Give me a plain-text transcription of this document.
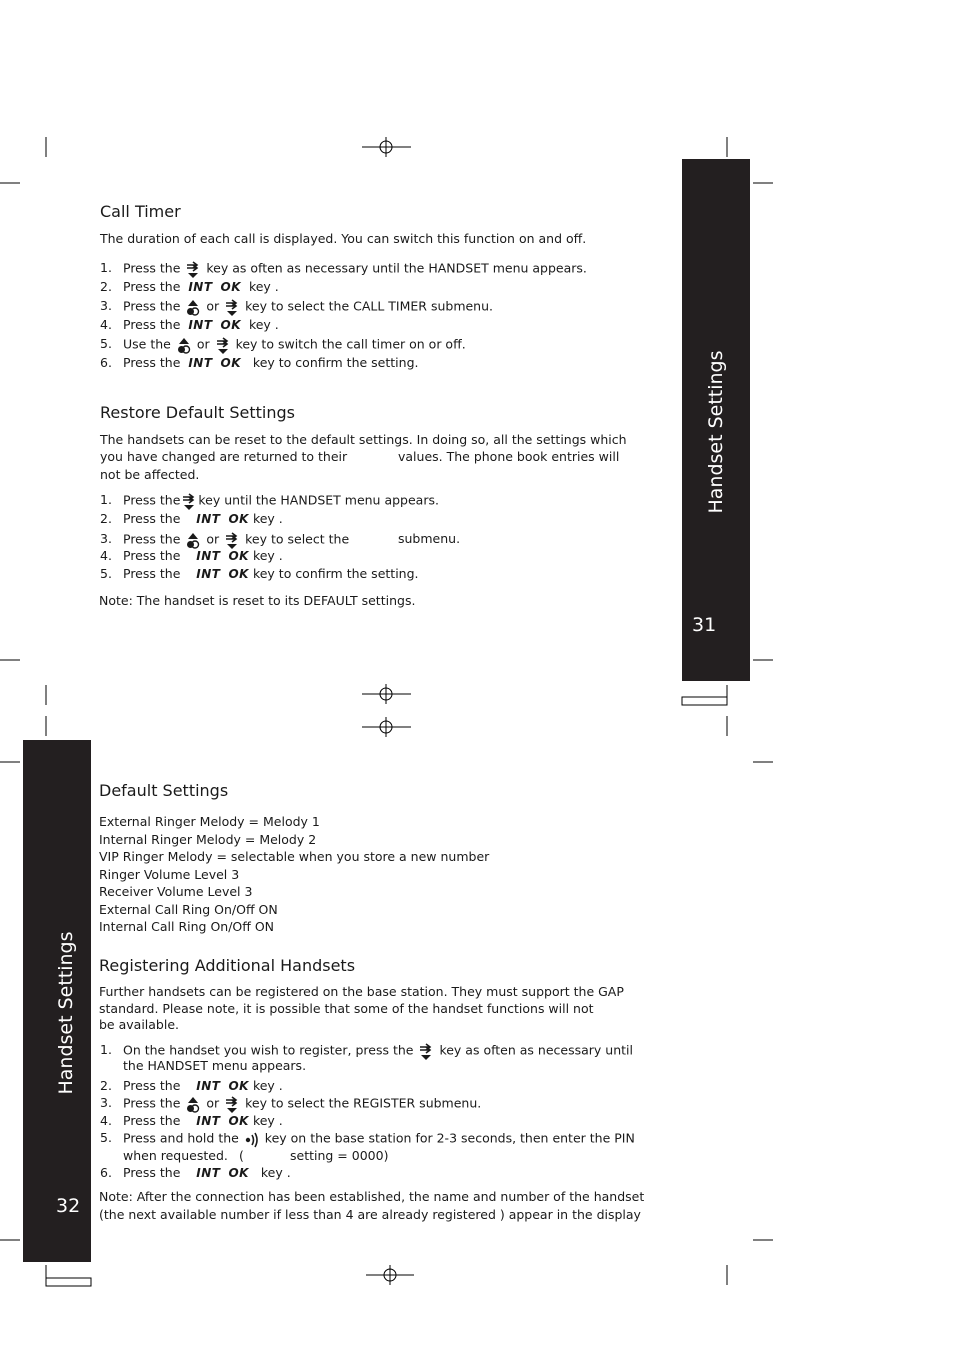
Handset Settings
31
Call Timer
The duration of each call is displayed. You can switch this function on and off.
1. Press the key as often as necessary until the HANDSET menu appears.
2. Press the INT OK key .
3. Press the or key to select the CALL TIMER submenu.
4. Press the INT OK key .
5. Use the or key to switch the call timer on or off.
6. Press the INT OK key to confirm the setting.
Restore Default Settings
The handsets can be reset to the default settings. In doing so, all the settings which
you have changed are returned to their	values. The phone book entries will
not be affected.
1. Press the key until the HANDSET menu appears.
2. Press the INT OK key .
3. Press the or key to select the	submenu.
4. Press the INT OK key .
5. Press the INT OK key to confirm the setting.
Note: The handset is reset to its DEFAULT settings.
Handset Settings
32
Default Settings
External Ringer Melody = Melody 1
Internal Ringer Melody = Melody 2
VIP Ringer Melody = selectable when you store a new number
Ringer Volume Level 3
Receiver Volume Level 3
External Call Ring On/Off ON
Internal Call Ring On/Off ON
Registering Additional Handsets
Further handsets can be registered on the base station. They must support the GAP
standard. Please note, it is possible that some of the handset functions will not
be available.
1. On the handset you wish to register, press the key as often as necessary until
the HANDSET menu appears.
2. Press the INT OK key .
3. Press the or key to select the REGISTER submenu.
4. Press the INT OK key .
5. Press and hold the key on the base station for 2-3 seconds, then enter the PIN
when requested. (	setting = 0000)
6. Press the INT OK key .
Note: After the connection has been established, the name and number of the handset
(the next available number if less than 4 are already registered ) appear in the display
